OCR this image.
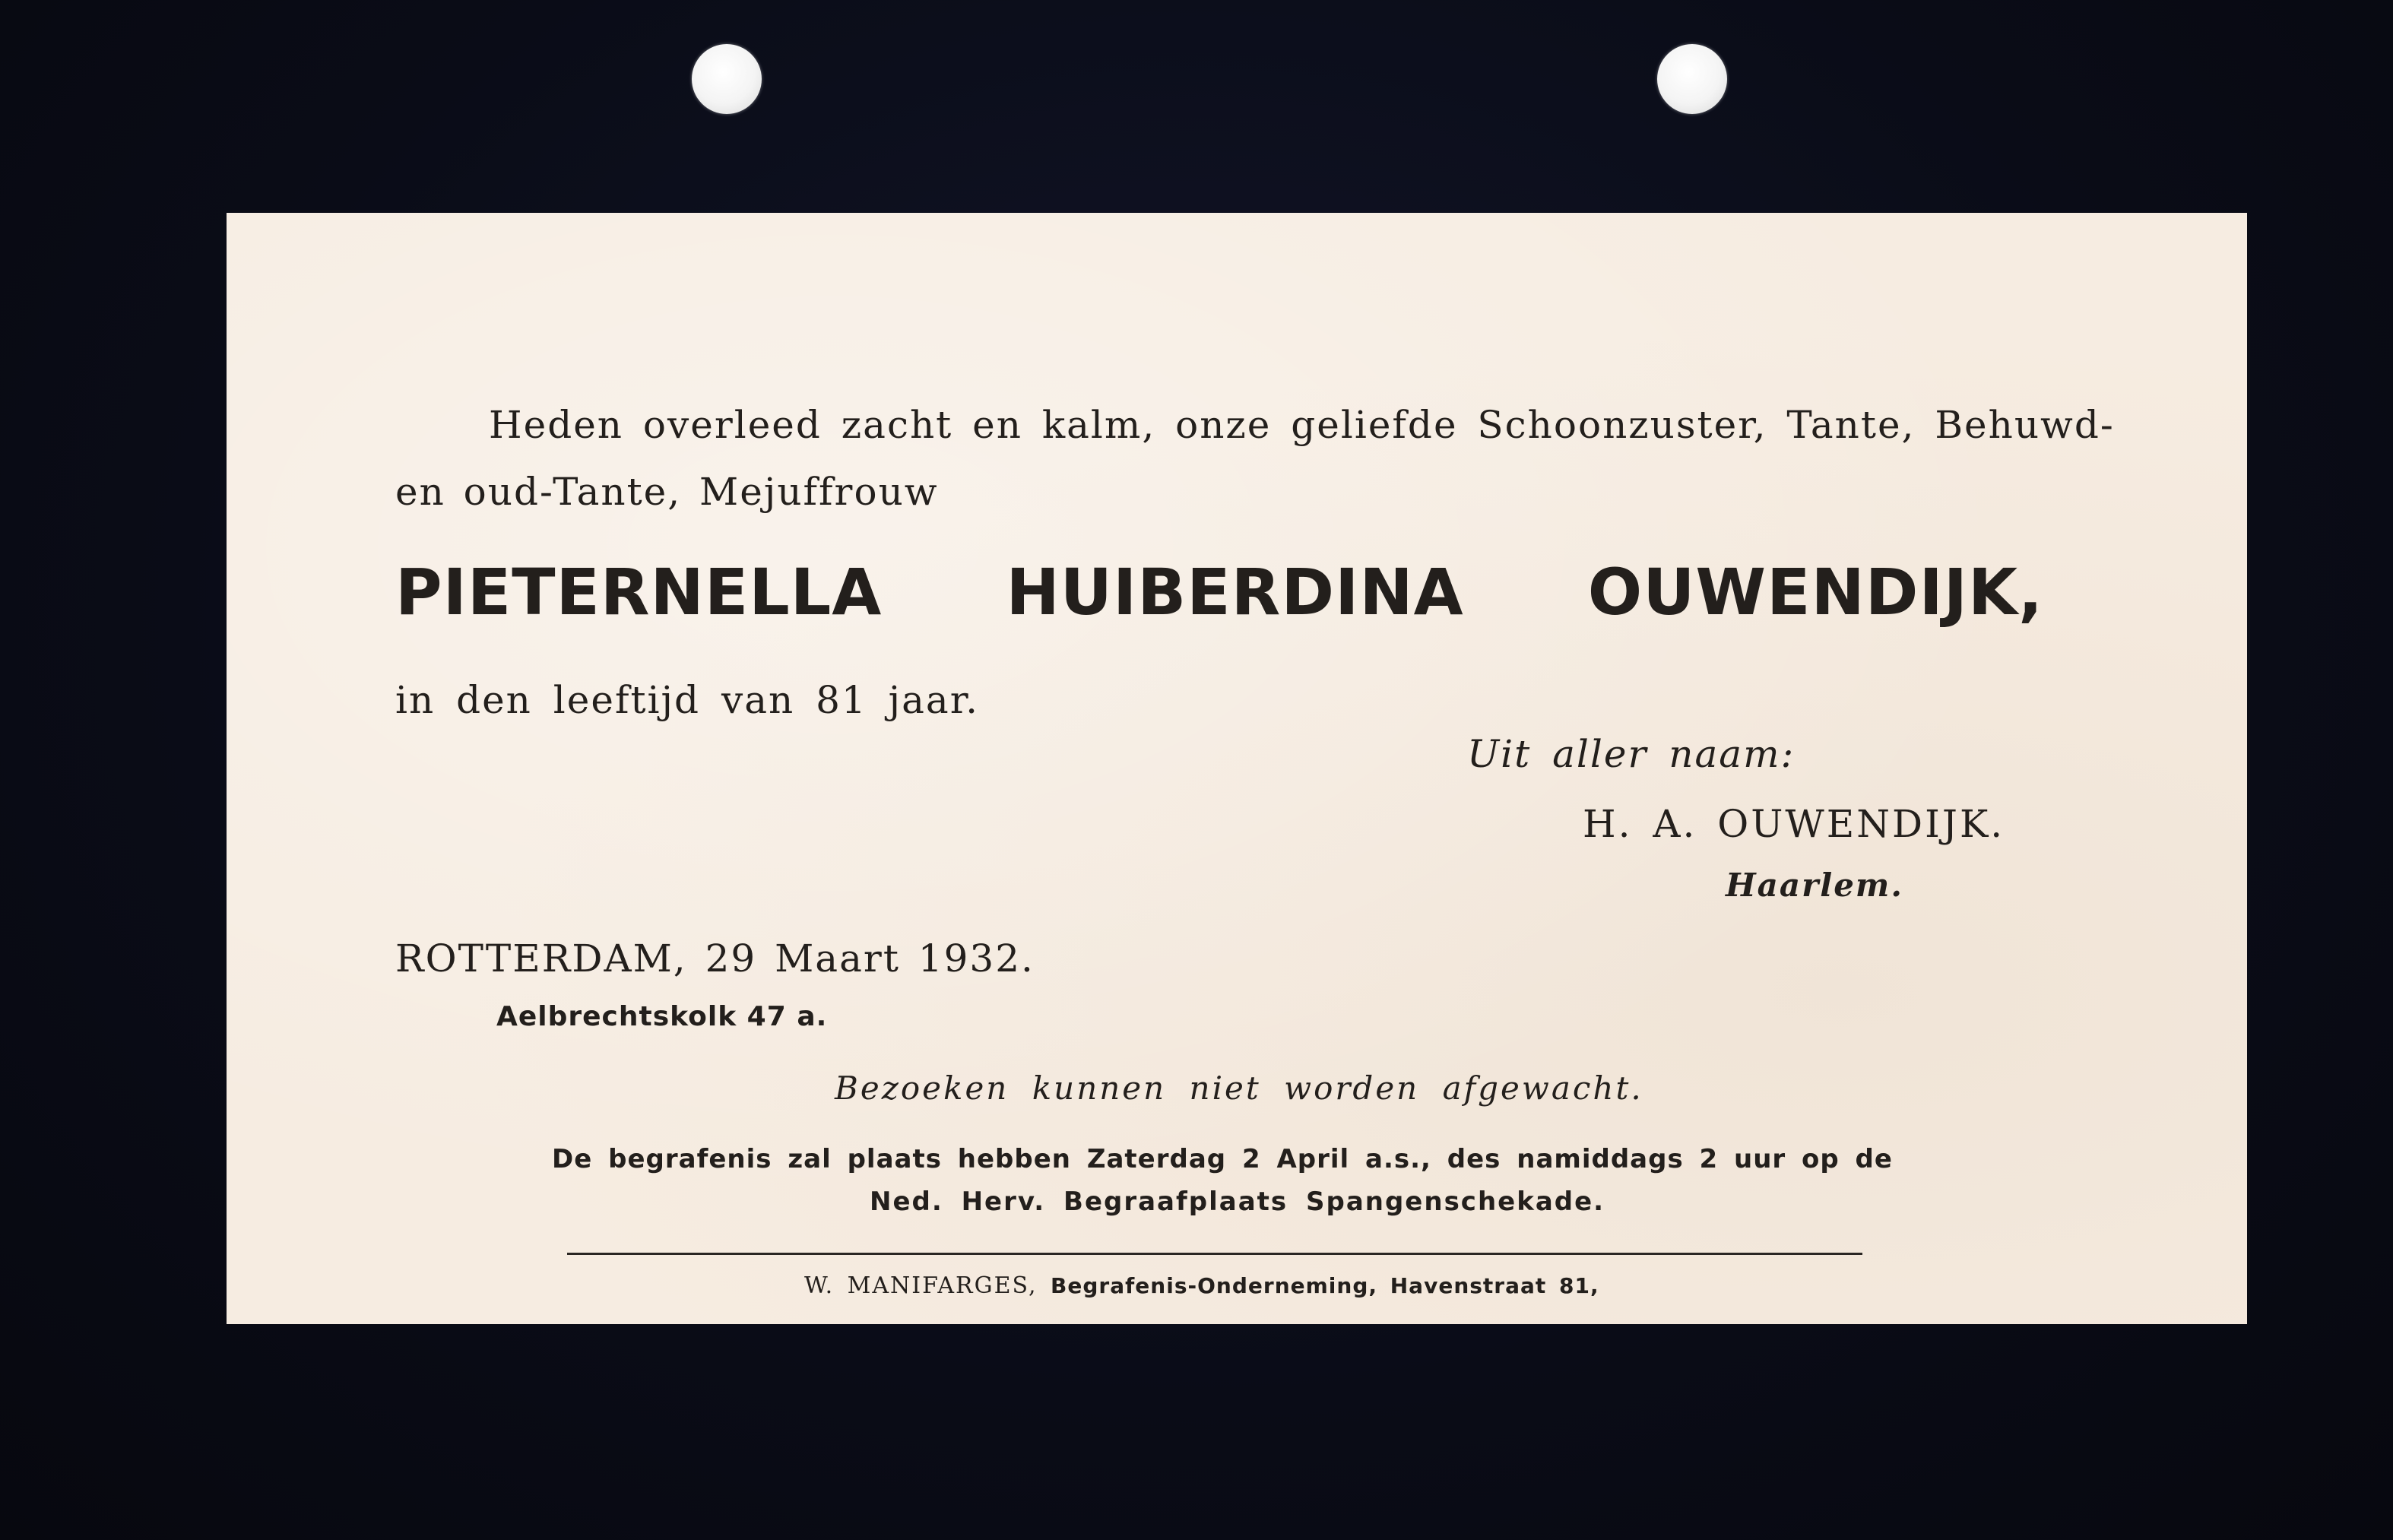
Heden overleed zacht en kalm, onze geliefde Schoonzuster, Tante, Behuwd-

en oud-Tante, Mejuffrouw

PIETERNELLA HUIBERDINA OUWENDIJK,

in den leeftijd van 81 jaar.

Uit aller naam:

H. A. OUWENDIJK.

Haarlem.

ROTTERDAM, 29 Maart 1932.

Aelbrechtskolk 47 a.

Bezoeken kunnen niet worden afgewacht.

De begrafenis zal plaats hebben Zaterdag 2 April a.s., des namiddags 2 uur op de

Ned. Herv. Begraafplaats Spangenschekade.

W. MANIFARGES, Begrafenis-Onderneming, Havenstraat 81,
